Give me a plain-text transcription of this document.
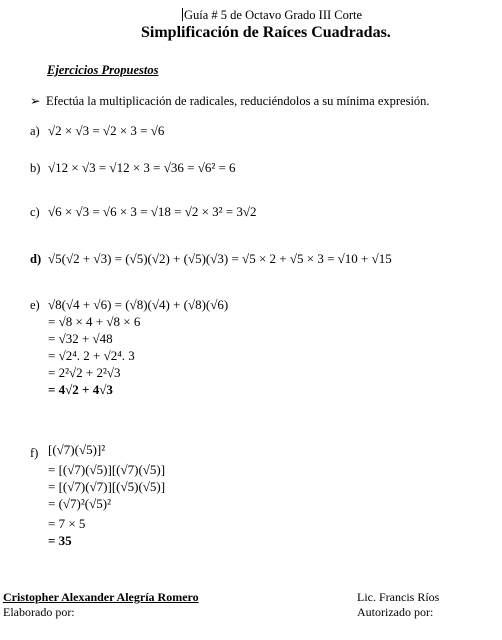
Guía # 5 de Octavo Grado III Corte
Simplificación de Raíces Cuadradas.
Ejercicios Propuestos
➢ Efectúa la multiplicación de radicales, reduciéndolos a su mínima expresión.
a) √2 × √3 = √2 × 3 = √6
b) √12 × √3 = √12 × 3 = √36 = √6² = 6
c) √6 × √3 = √6 × 3 = √18 = √2 × 3² = 3√2
d) √5(√2 + √3) = (√5)(√2) + (√5)(√3) = √5 × 2 + √5 × 3 = √10 + √15
e) √8(√4 + √6) = (√8)(√4) + (√8)(√6)
= √8 × 4 + √8 × 6
= √32 + √48
= √2⁴. 2 + √2⁴. 3
= 2²√2 + 2²√3
= 4√2 + 4√3
f) [(√7)(√5)]²
= [(√7)(√5)][(√7)(√5)]
= [(√7)(√7)][(√5)(√5)]
= (√7)²(√5)²
= 7 × 5
= 35
Cristopher Alexander Alegría Romero
Elaborado por:
Lic. Francis Ríos
Autorizado por:
